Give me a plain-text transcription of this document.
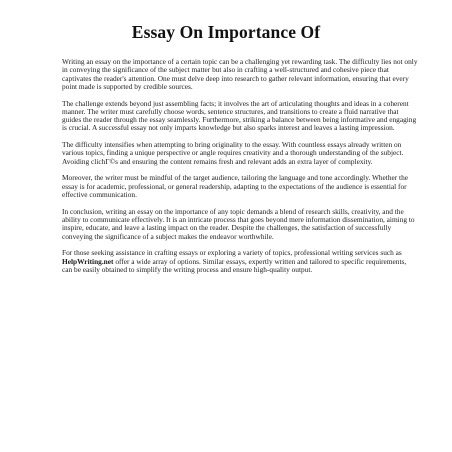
Essay On Importance Of

Writing an essay on the importance of a certain topic can be a challenging yet rewarding task. The difficulty lies not only in conveying the significance of the subject matter but also in crafting a well-structured and cohesive piece that captivates the reader's attention. One must delve deep into research to gather relevant information, ensuring that every point made is supported by credible sources.

The challenge extends beyond just assembling facts; it involves the art of articulating thoughts and ideas in a coherent manner. The writer must carefully choose words, sentence structures, and transitions to create a fluid narrative that guides the reader through the essay seamlessly. Furthermore, striking a balance between being informative and engaging is crucial. A successful essay not only imparts knowledge but also sparks interest and leaves a lasting impression.

The difficulty intensifies when attempting to bring originality to the essay. With countless essays already written on various topics, finding a unique perspective or angle requires creativity and a thorough understanding of the subject. Avoiding clichГ©s and ensuring the content remains fresh and relevant adds an extra layer of complexity.

Moreover, the writer must be mindful of the target audience, tailoring the language and tone accordingly. Whether the essay is for academic, professional, or general readership, adapting to the expectations of the audience is essential for effective communication.

In conclusion, writing an essay on the importance of any topic demands a blend of research skills, creativity, and the ability to communicate effectively. It is an intricate process that goes beyond mere information dissemination, aiming to inspire, educate, and leave a lasting impact on the reader. Despite the challenges, the satisfaction of successfully conveying the significance of a subject makes the endeavor worthwhile.

For those seeking assistance in crafting essays or exploring a variety of topics, professional writing services such as HelpWriting.net offer a wide array of options. Similar essays, expertly written and tailored to specific requirements, can be easily obtained to simplify the writing process and ensure high-quality output.
